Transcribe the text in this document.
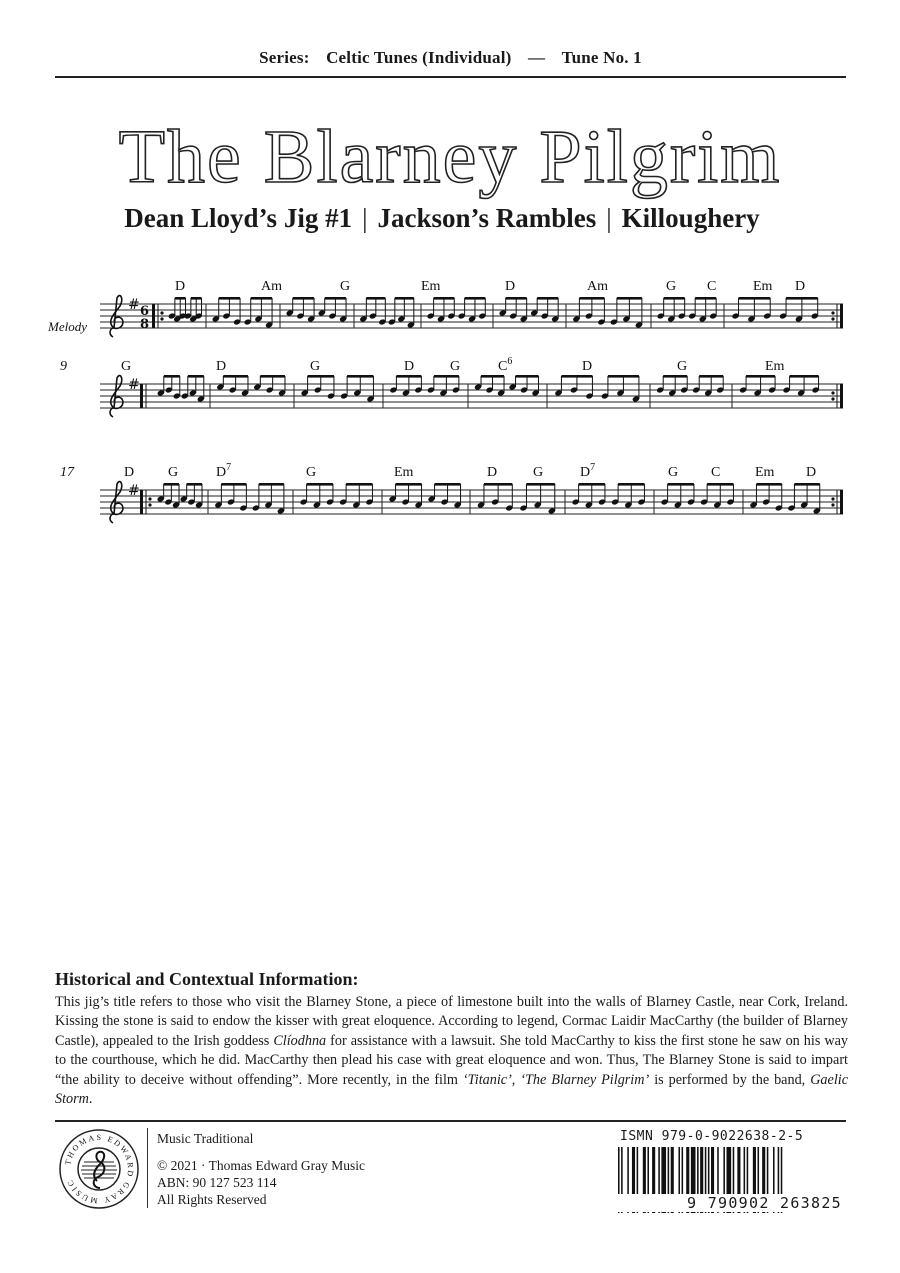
Series: Celtic Tunes (Individual) — Tune No. 1
The Blarney Pilgrim
Dean Lloyd’s Jig #1 | Jackson’s Rambles | Killoughery
Melody
# 6
8
D	Am	G	Em	D	Am	G C	Em D
#
9	G	D	G	D	G	$C^6$	D	G	Em
#
17	D G	$D^7$	G	Em	D	G	$D^7$	G C Em D
Historical and Contextual Information:
This jig’s title refers to those who visit the Blarney Stone, a piece of limestone built into the walls of Blarney Castle, near Cork, Ireland. Kissing the stone is said to endow the kisser with great eloquence. According to legend, Cormac Laidir MacCarthy (the builder of Blarney Castle), appealed to the Irish goddess Clíodhna for assistance with a lawsuit. She told MacCarthy to kiss the first stone he saw on his way to the courthouse, which he did. MacCarthy then plead his case with great eloquence and won. Thus, The Blarney Stone is said to impart “the ability to deceive without offending”. More recently, in the film ‘Titanic’, ‘The Blarney Pilgrim’ is performed by the band, Gaelic Storm.
THOMAS EDWARD GRAY MUSIC
Music Traditional
© 2021 · Thomas Edward Gray Music
ABN: 90 127 523 114
All Rights Reserved
ISMN 979-0-9022638-2-5
9 790902 263825
